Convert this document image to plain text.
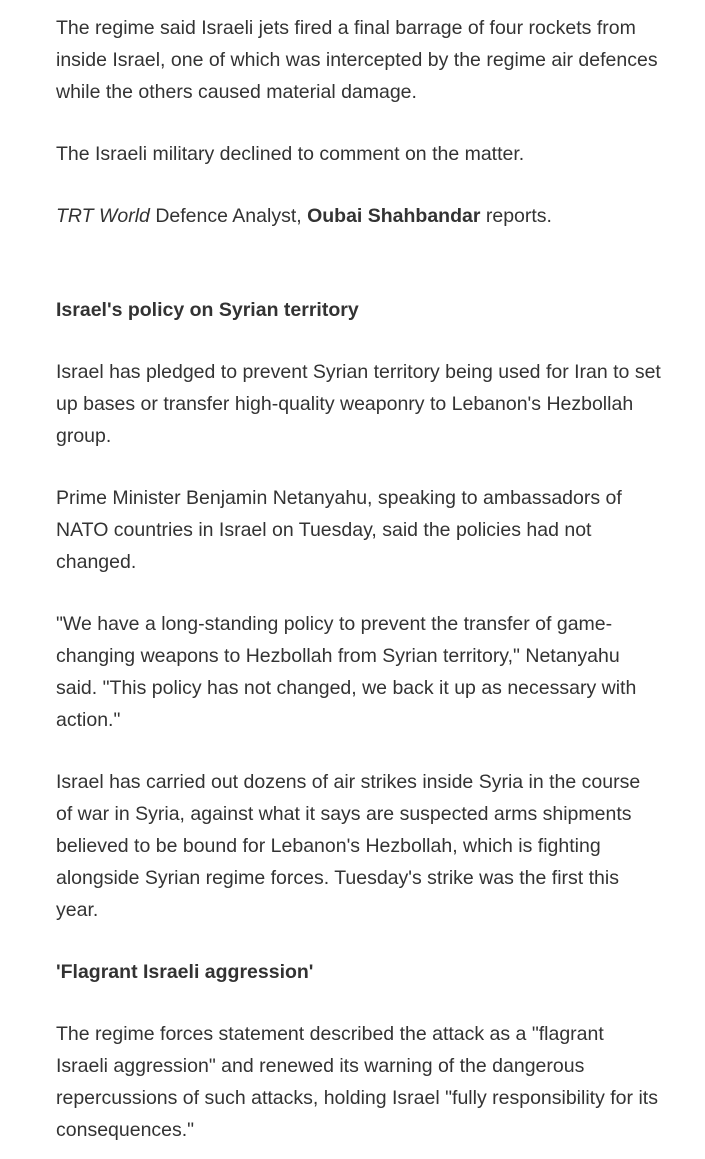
The regime said Israeli jets fired a final barrage of four rockets from inside Israel, one of which was intercepted by the regime air defences while the others caused material damage.

The Israeli military declined to comment on the matter.

TRT World Defence Analyst, Oubai Shahbandar reports.

Israel's policy on Syrian territory

Israel has pledged to prevent Syrian territory being used for Iran to set up bases or transfer high-quality weaponry to Lebanon's Hezbollah group.

Prime Minister Benjamin Netanyahu, speaking to ambassadors of NATO countries in Israel on Tuesday, said the policies had not changed.

"We have a long-standing policy to prevent the transfer of game-changing weapons to Hezbollah from Syrian territory," Netanyahu said. "This policy has not changed, we back it up as necessary with action."

Israel has carried out dozens of air strikes inside Syria in the course of war in Syria, against what it says are suspected arms shipments believed to be bound for Lebanon's Hezbollah, which is fighting alongside Syrian regime forces. Tuesday's strike was the first this year.

'Flagrant Israeli aggression'

The regime forces statement described the attack as a "flagrant Israeli aggression" and renewed its warning of the dangerous repercussions of such attacks, holding Israel "fully responsibility for its consequences."
